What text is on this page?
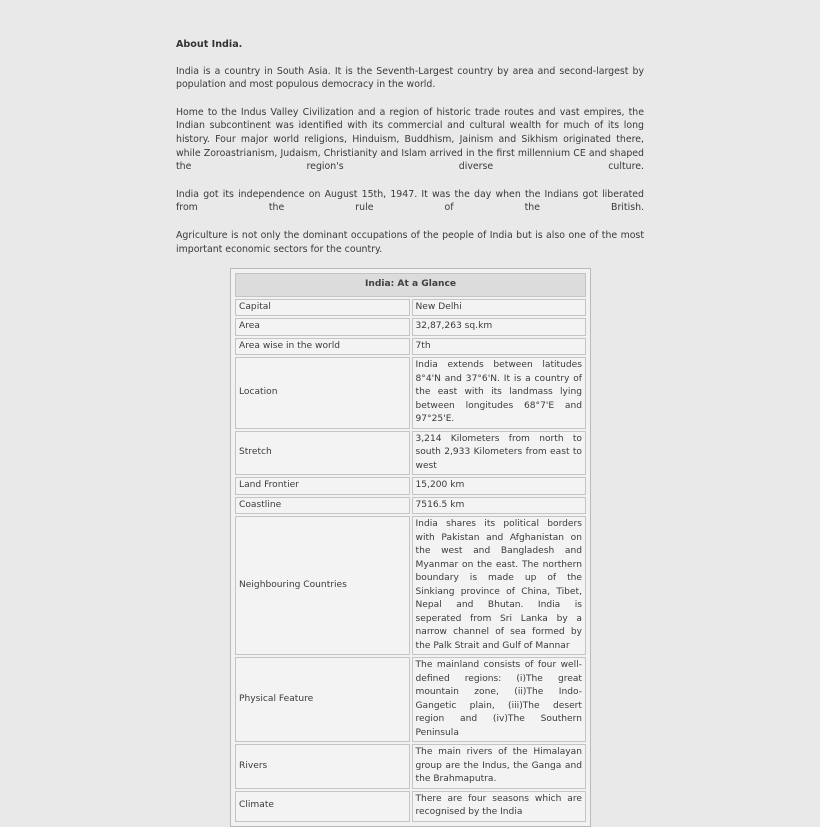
About India.

India is a country in South Asia. It is the Seventh-Largest country by area and second-largest by population and most populous democracy in the world.

Home to the Indus Valley Civilization and a region of historic trade routes and vast empires, the Indian subcontinent was identified with its commercial and cultural wealth for much of its long history. Four major world religions, Hinduism, Buddhism, Jainism and Sikhism originated there, while Zoroastrianism, Judaism, Christianity and Islam arrived in the first millennium CE and shaped the region's diverse culture.

India got its independence on August 15th, 1947. It was the day when the Indians got liberated from the rule of the British.

Agriculture is not only the dominant occupations of the people of India but is also one of the most important economic sectors for the country.

India: At a Glance	
Capital	New Delhi
Area	32,87,263 sq.km
Area wise in the world	7th
Location	India extends between latitudes 8°4'N and 37°6'N. It is a country of the east with its landmass lying between longitudes 68°7'E and 97°25'E.
Stretch	3,214 Kilometers from north to south 2,933 Kilometers from east to west
Land Frontier	15,200 km
Coastline	7516.5 km
Neighbouring Countries	India shares its political borders with Pakistan and Afghanistan on the west and Bangladesh and Myanmar on the east. The northern boundary is made up of the Sinkiang province of China, Tibet, Nepal and Bhutan. India is seperated from Sri Lanka by a narrow channel of sea formed by the Palk Strait and Gulf of Mannar
Physical Feature	The mainland consists of four well-defined regions: (i)The great mountain zone, (ii)The Indo-Gangetic plain, (iii)The desert region and (iv)The Southern Peninsula
Rivers	The main rivers of the Himalayan group are the Indus, the Ganga and the Brahmaputra.
Climate	There are four seasons which are recognised by the India
